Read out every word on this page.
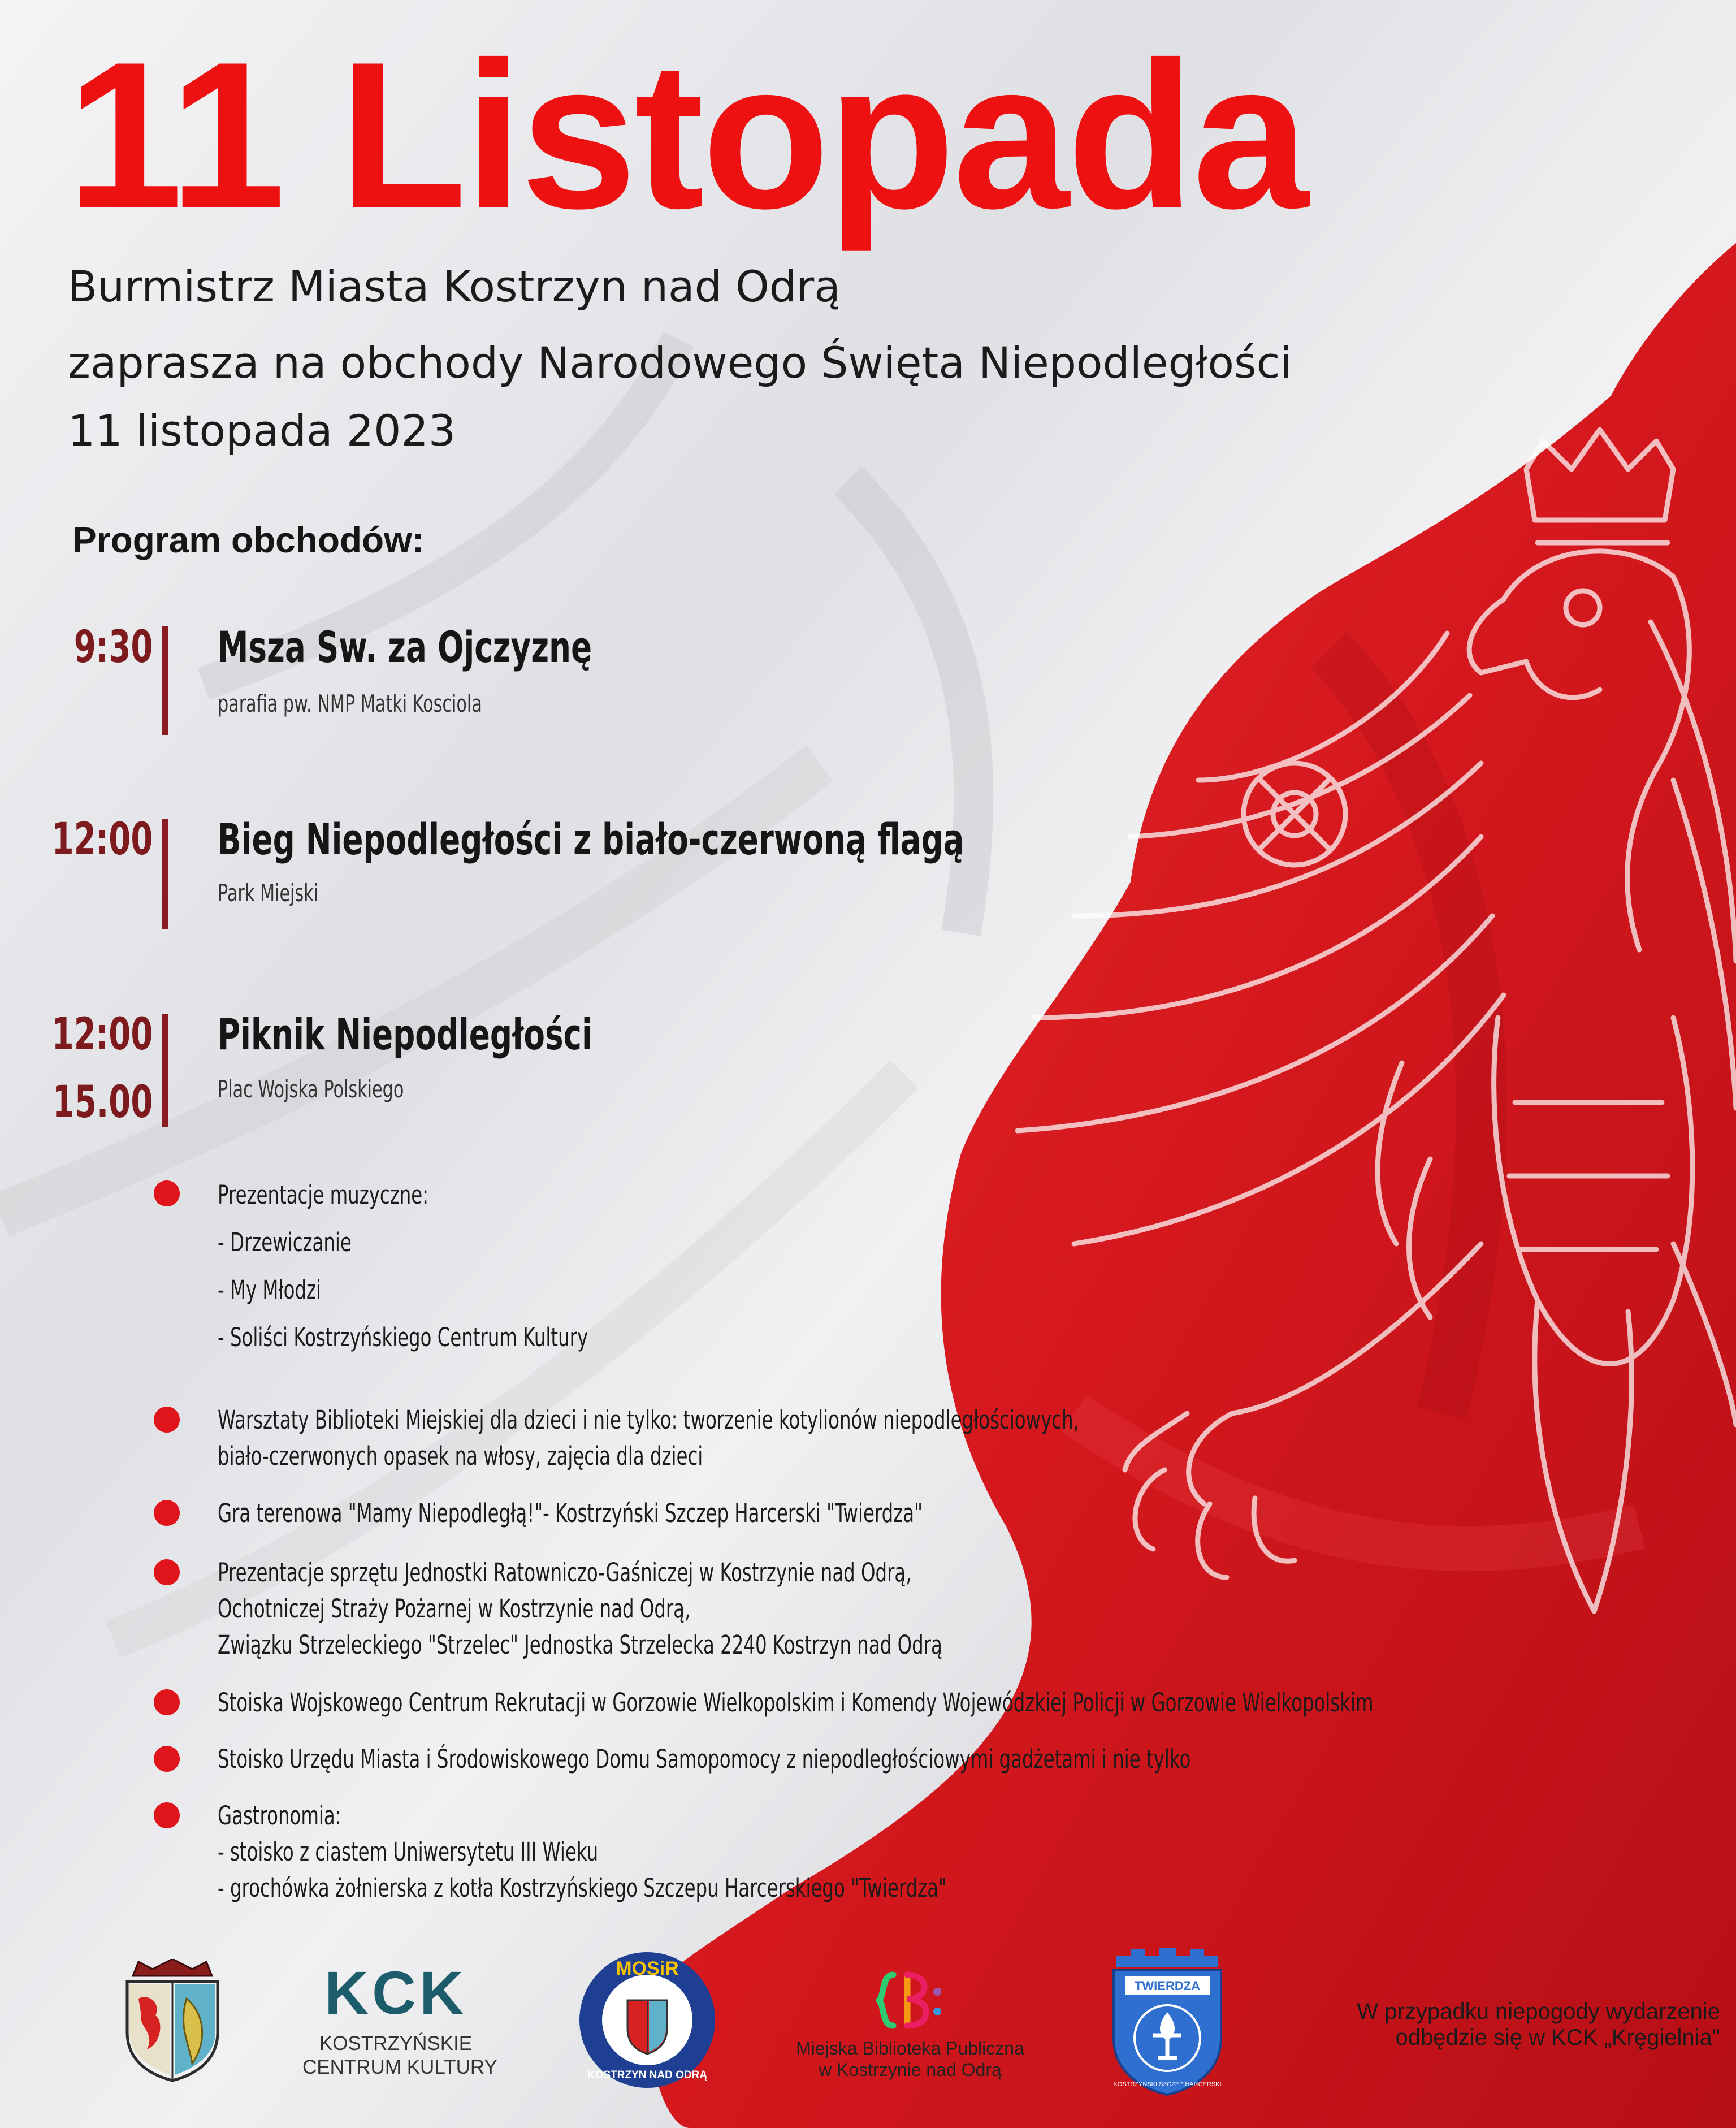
11 Listopada
Burmistrz Miasta Kostrzyn nad Odrą
zaprasza na obchody Narodowego Święta Niepodległości
11 listopada 2023
Program obchodów:
9:30 Msza Sw. za Ojczyznę
parafia pw. NMP Matki Kosciola
12:00 Bieg Niepodległości z biało-czerwoną flagą
Park Miejski
12:00
15.00
Piknik Niepodległości
Plac Wojska Polskiego
Prezentacje muzyczne:
- Drzewiczanie
- My Młodzi
- Soliści Kostrzyńskiego Centrum Kultury
Warsztaty Biblioteki Miejskiej dla dzieci i nie tylko: tworzenie kotylionów niepodległościowych,
biało-czerwonych opasek na włosy, zajęcia dla dzieci
Gra terenowa "Mamy Niepodległą!"- Kostrzyński Szczep Harcerski "Twierdza"
Prezentacje sprzętu Jednostki Ratowniczo-Gaśniczej w Kostrzynie nad Odrą,
Ochotniczej Straży Pożarnej w Kostrzynie nad Odrą,
Związku Strzeleckiego "Strzelec" Jednostka Strzelecka 2240 Kostrzyn nad Odrą
Stoiska Wojskowego Centrum Rekrutacji w Gorzowie Wielkopolskim i Komendy Wojewódzkiej Policji w Gorzowie Wielkopolskim
Stoisko Urzędu Miasta i Środowiskowego Domu Samopomocy z niepodległościowymi gadżetami i nie tylko
Gastronomia:
- stoisko z ciastem Uniwersytetu III Wieku
- grochówka żołnierska z kotła Kostrzyńskiego Szczepu Harcerskiego "Twierdza"
KCK
KOSTRZYŃSKIE
CENTRUM KULTURY
MOSiR
KOSTRZYN NAD ODRĄ
Miejska Biblioteka Publiczna
w Kostrzynie nad Odrą
TWIERDZA
KOSTRZYŃSKI SZCZEP HARCERSKI
W przypadku niepogody wydarzenie
odbędzie się w KCK „Kręgielnia"
